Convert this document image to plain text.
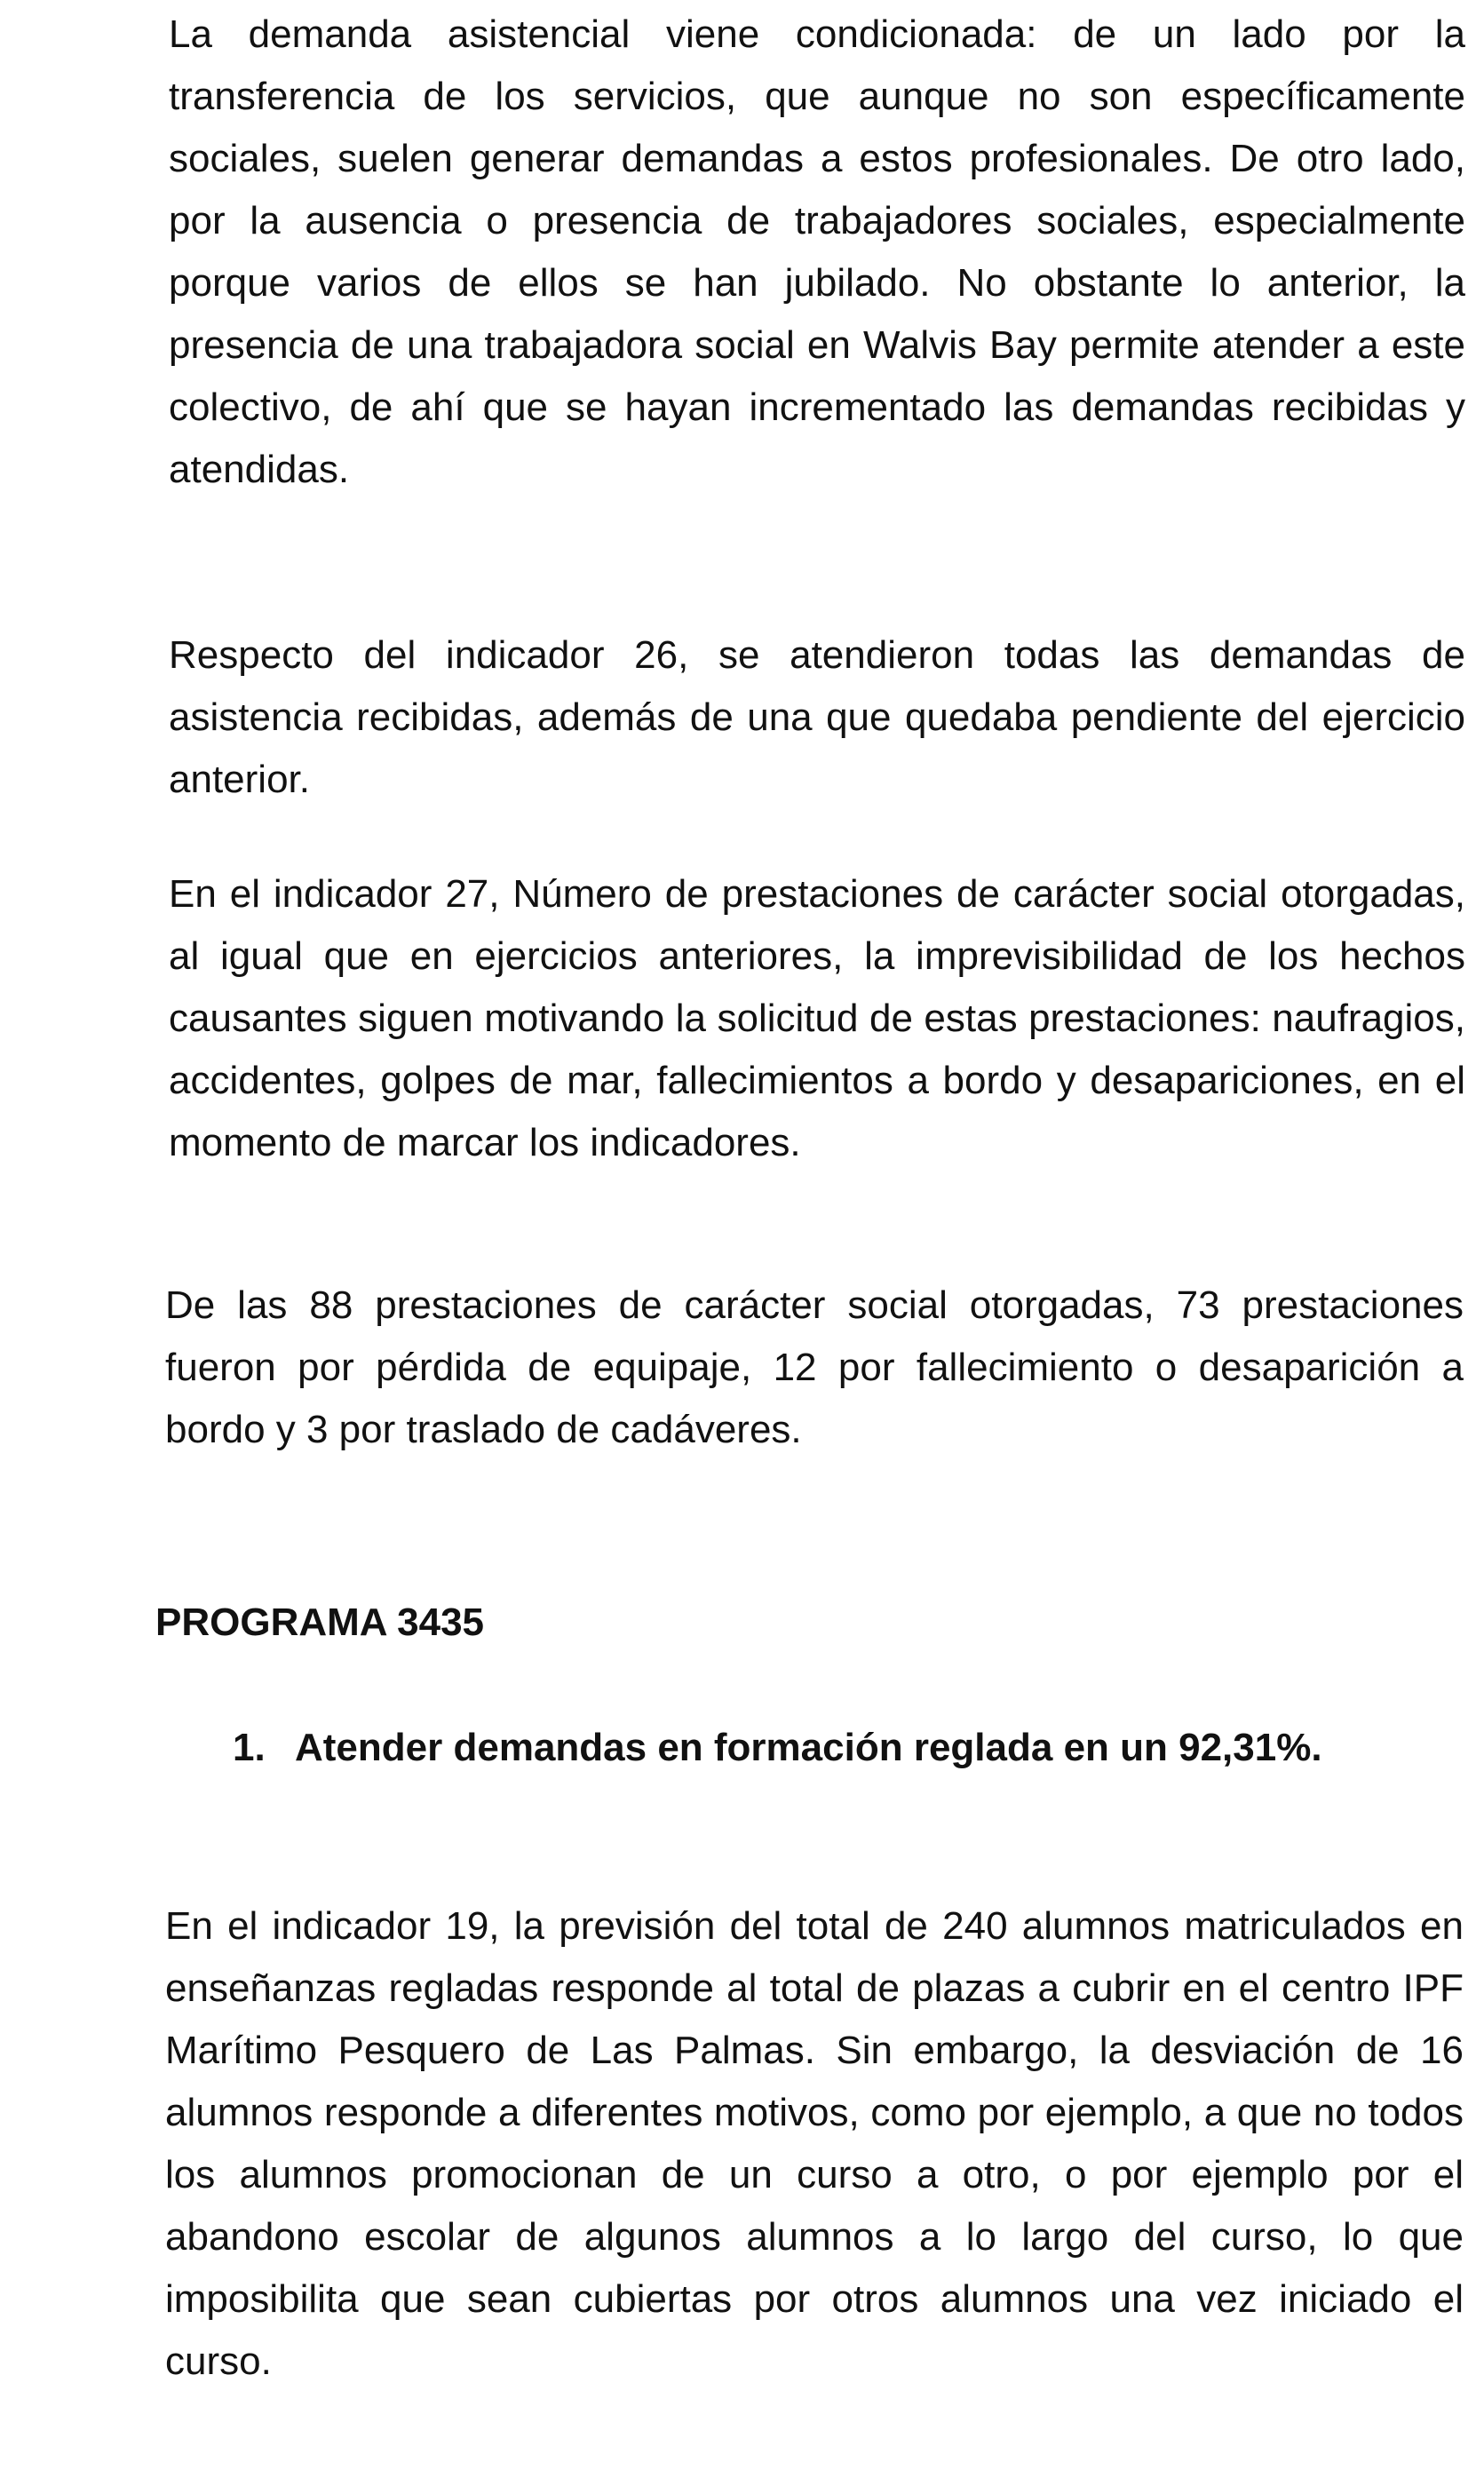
La demanda asistencial viene condicionada: de un lado por la transferencia de los servicios, que aunque no son específicamente sociales, suelen generar demandas a estos profesionales. De otro lado, por la ausencia o presencia de trabajadores sociales, especialmente porque varios de ellos se han jubilado. No obstante lo anterior, la presencia de una trabajadora social en Walvis Bay permite atender a este colectivo, de ahí que se hayan incrementado las demandas recibidas y atendidas.

Respecto del indicador 26, se atendieron todas las demandas de asistencia recibidas, además de una que quedaba pendiente del ejercicio anterior.

En el indicador 27, Número de prestaciones de carácter social otorgadas, al igual que en ejercicios anteriores, la imprevisibilidad de los hechos causantes siguen motivando la solicitud de estas prestaciones: naufragios, accidentes, golpes de mar, fallecimientos a bordo y desapariciones, en el momento de marcar los indicadores.

De las 88 prestaciones de carácter social otorgadas, 73 prestaciones fueron por pérdida de equipaje, 12 por fallecimiento o desaparición a bordo y 3 por traslado de cadáveres.

PROGRAMA 3435
1. Atender demandas en formación reglada en un 92,31%.

En el indicador 19, la previsión del total de 240 alumnos matriculados en enseñanzas regladas responde al total de plazas a cubrir en el centro IPF Marítimo Pesquero de Las Palmas. Sin embargo, la desviación de 16 alumnos responde a diferentes motivos, como por ejemplo, a que no todos los alumnos promocionan de un curso a otro, o por ejemplo por el abandono escolar de algunos alumnos a lo largo del curso, lo que imposibilita que sean cubiertas por otros alumnos una vez iniciado el curso.
